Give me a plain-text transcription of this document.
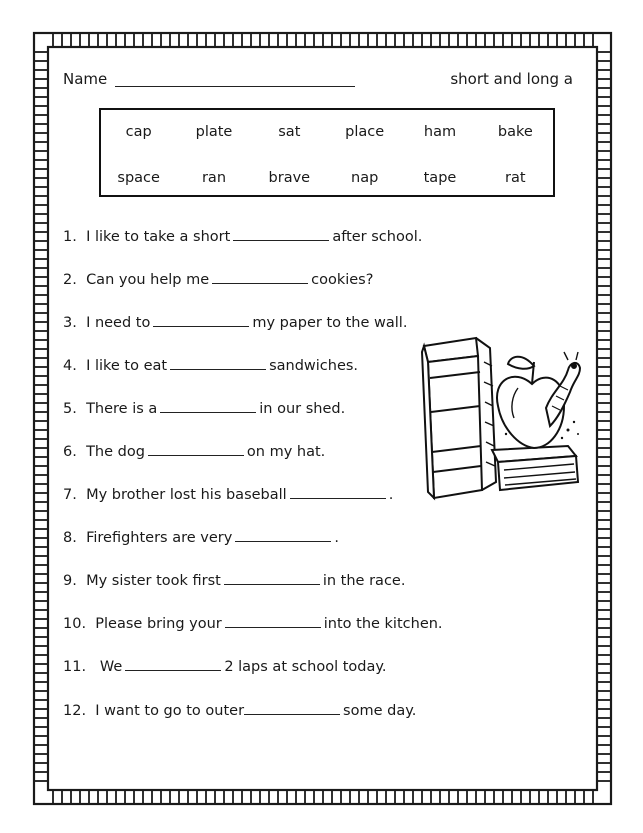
Name	short and long a
cap	plate	sat	place	ham	bake
space	ran	brave	nap	tape	rat
1. I like to take a short	after school.
2. Can you help me	cookies?
3. I need to	my paper to the wall.
4. I like to eat	sandwiches.
5. There is a	in our shed.
6. The dog	on my hat.
7. My brother lost his baseball	.
8. Firefighters are very	.
9. My sister took first	in the race.
10. Please bring your	into the kitchen.
11. We	2 laps at school today.
12. I want to go to outer	some day.
